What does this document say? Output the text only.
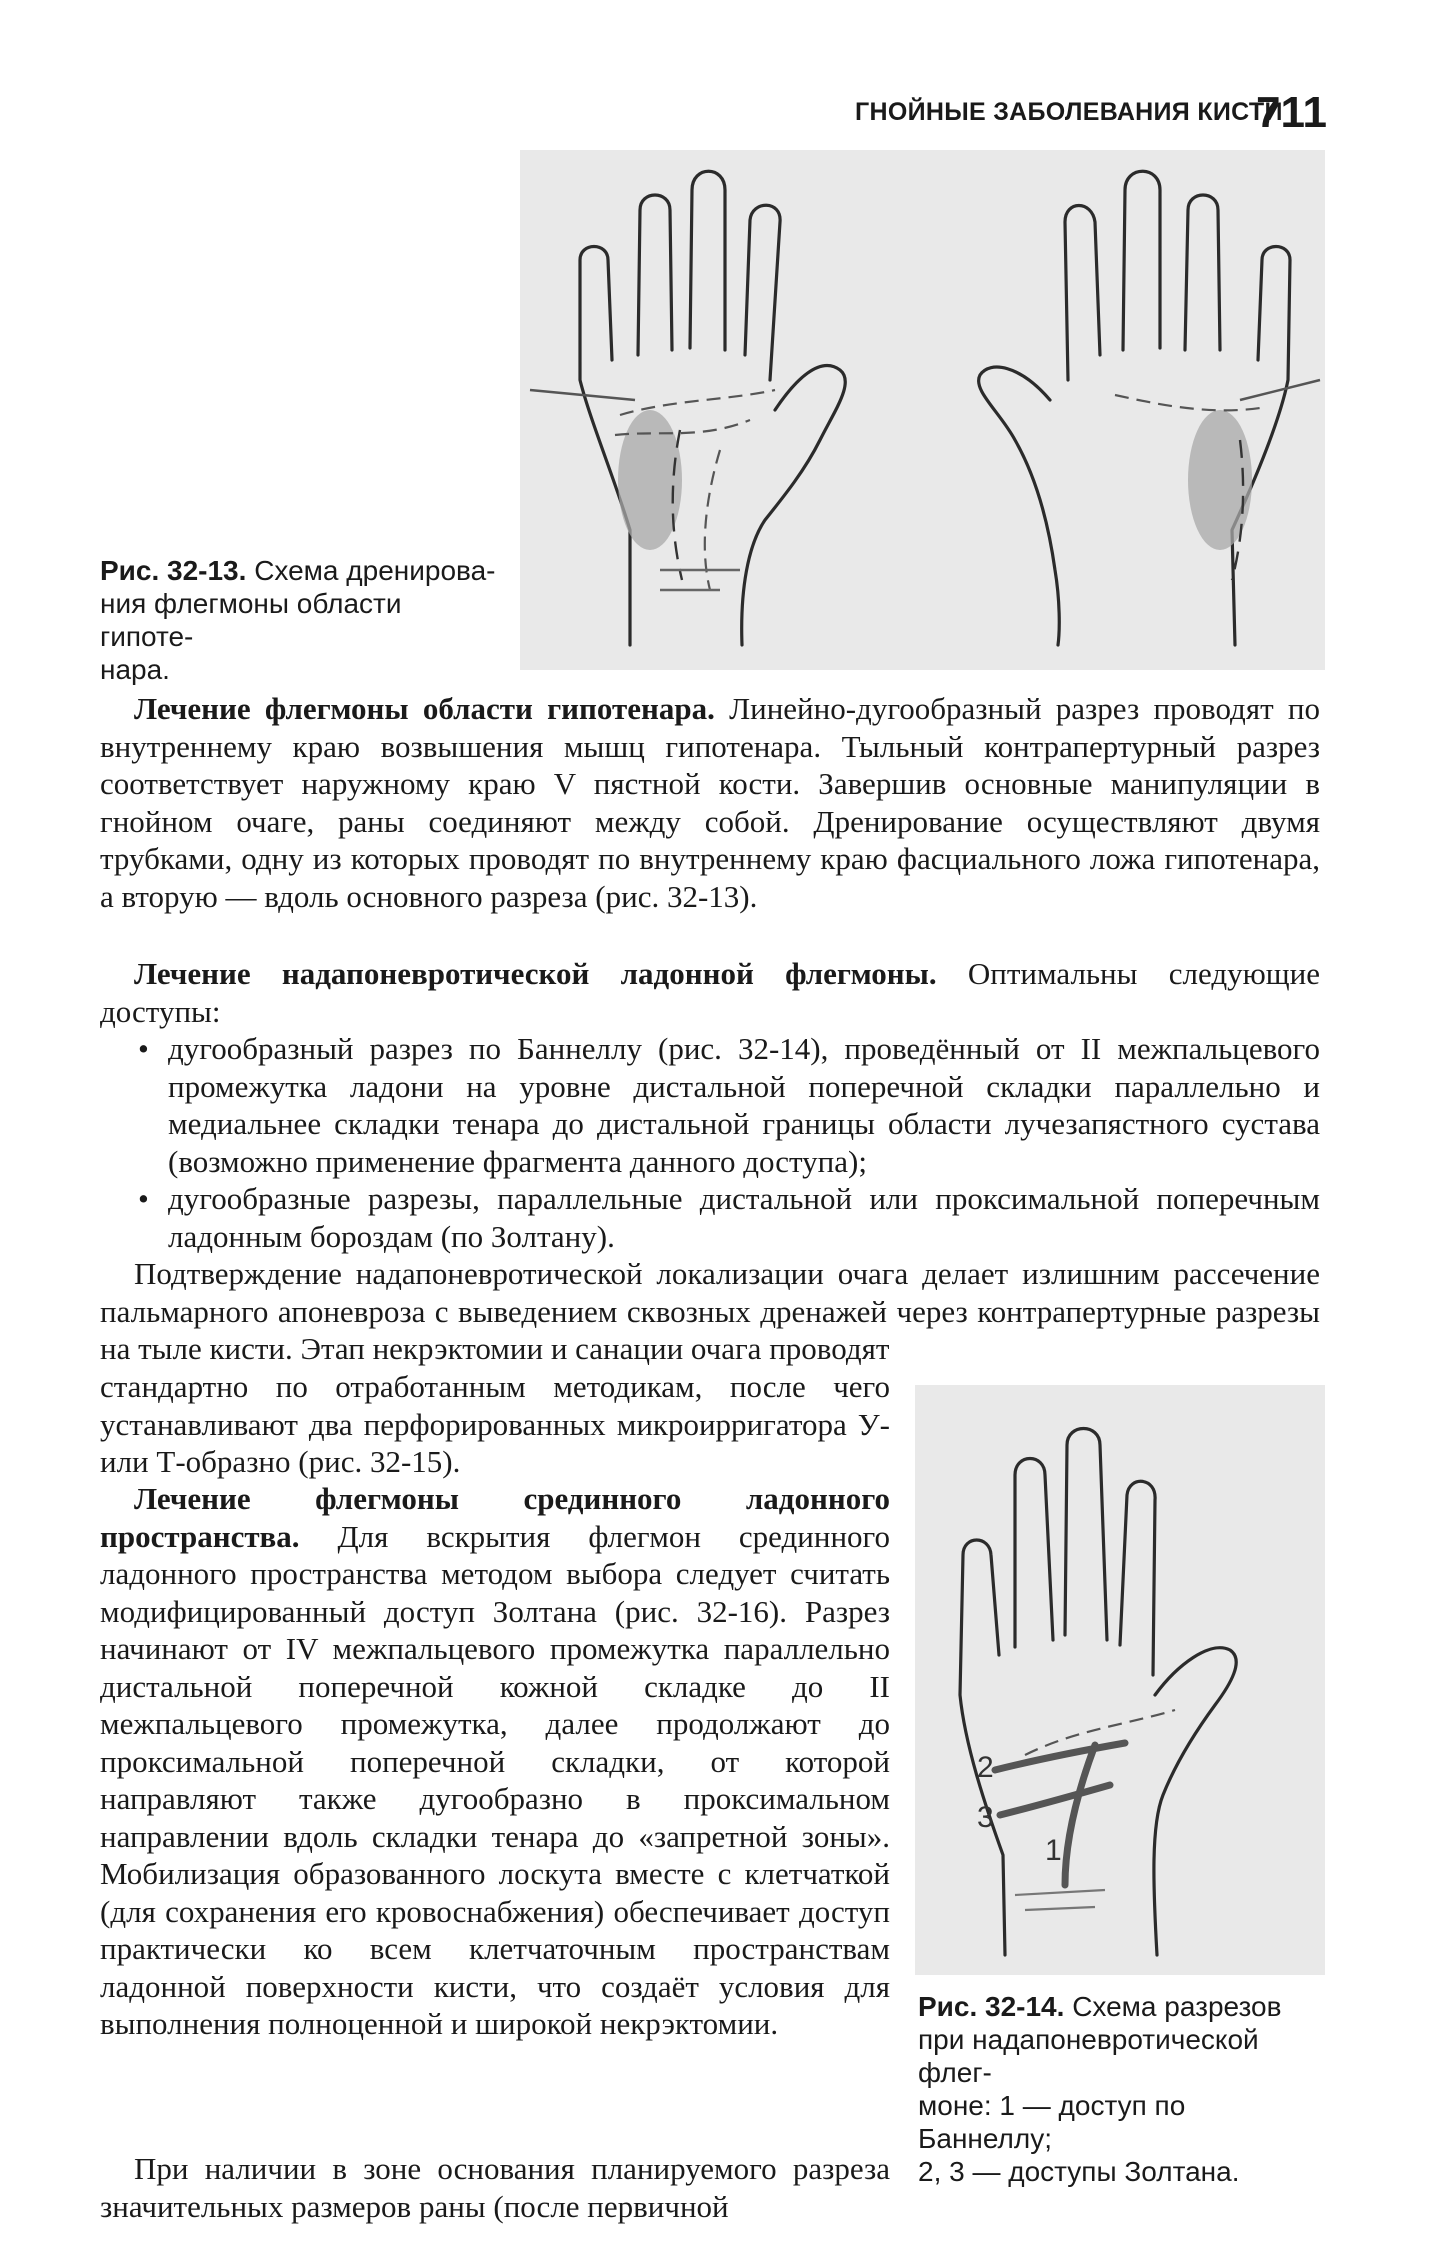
ГНОЙНЫЕ ЗАБОЛЕВАНИЯ КИСТИ
711
Рис. 32-13. Схема дренирова-
ния флегмоны области гипоте-
нара.
Лечение флегмоны области гипотенара. Линейно-дугообразный разрез проводят по внутреннему краю возвышения мышц гипотенара. Тыльный контрапертурный разрез соответствует наружному краю V пястной кости. Завершив основные манипуляции в гнойном очаге, раны соединяют между собой. Дренирование осуществляют двумя трубками, одну из которых проводят по внутреннему краю фасциального ложа гипотенара, а вторую — вдоль основного разреза (рис. 32-13).
Лечение надапоневротической ладонной флегмоны. Оптимальны следующие доступы:
• дугообразный разрез по Баннеллу (рис. 32-14), проведённый от II межпальцевого промежутка ладони на уровне дистальной поперечной складки параллельно и медиальнее складки тенара до дистальной границы области лучезапястного сустава (возможно применение фрагмента данного доступа);
• дугообразные разрезы, параллельные дистальной или проксимальной поперечным ладонным бороздам (по Золтану).
Подтверждение надапоневротической локализации очага делает излишним рассечение пальмарного апоневроза с выведением сквозных дренажей через контрапертурные разрезы на тыле кисти. Этап некрэктомии и санации очага проводят
стандартно по отработанным методикам, после чего устанавливают два перфорированных микроирригатора У- или Т-образно (рис. 32-15).
Лечение флегмоны срединного ладонного пространства. Для вскрытия флегмон срединного ладонного пространства методом выбора следует считать модифицированный доступ Золтана (рис. 32-16). Разрез начинают от IV межпальцевого промежутка параллельно дистальной поперечной кожной складке до II межпальцевого промежутка, далее продолжают до проксимальной поперечной складки, от которой направляют также дугообразно в проксимальном направлении вдоль складки тенара до «запретной зоны». Мобилизация образованного лоскута вместе с клетчаткой (для сохранения его кровоснабжения) обеспечивает доступ практически ко всем клетчаточным пространствам ладонной поверхности кисти, что создаёт условия для выполнения полноценной и широкой некрэктомии.
При наличии в зоне основания планируемого разреза значительных размеров раны (после первичной
2
3
1
Рис. 32-14. Схема разрезов
при надапоневротической флег-
моне: 1 — доступ по Баннеллу;
2, 3 — доступы Золтана.
